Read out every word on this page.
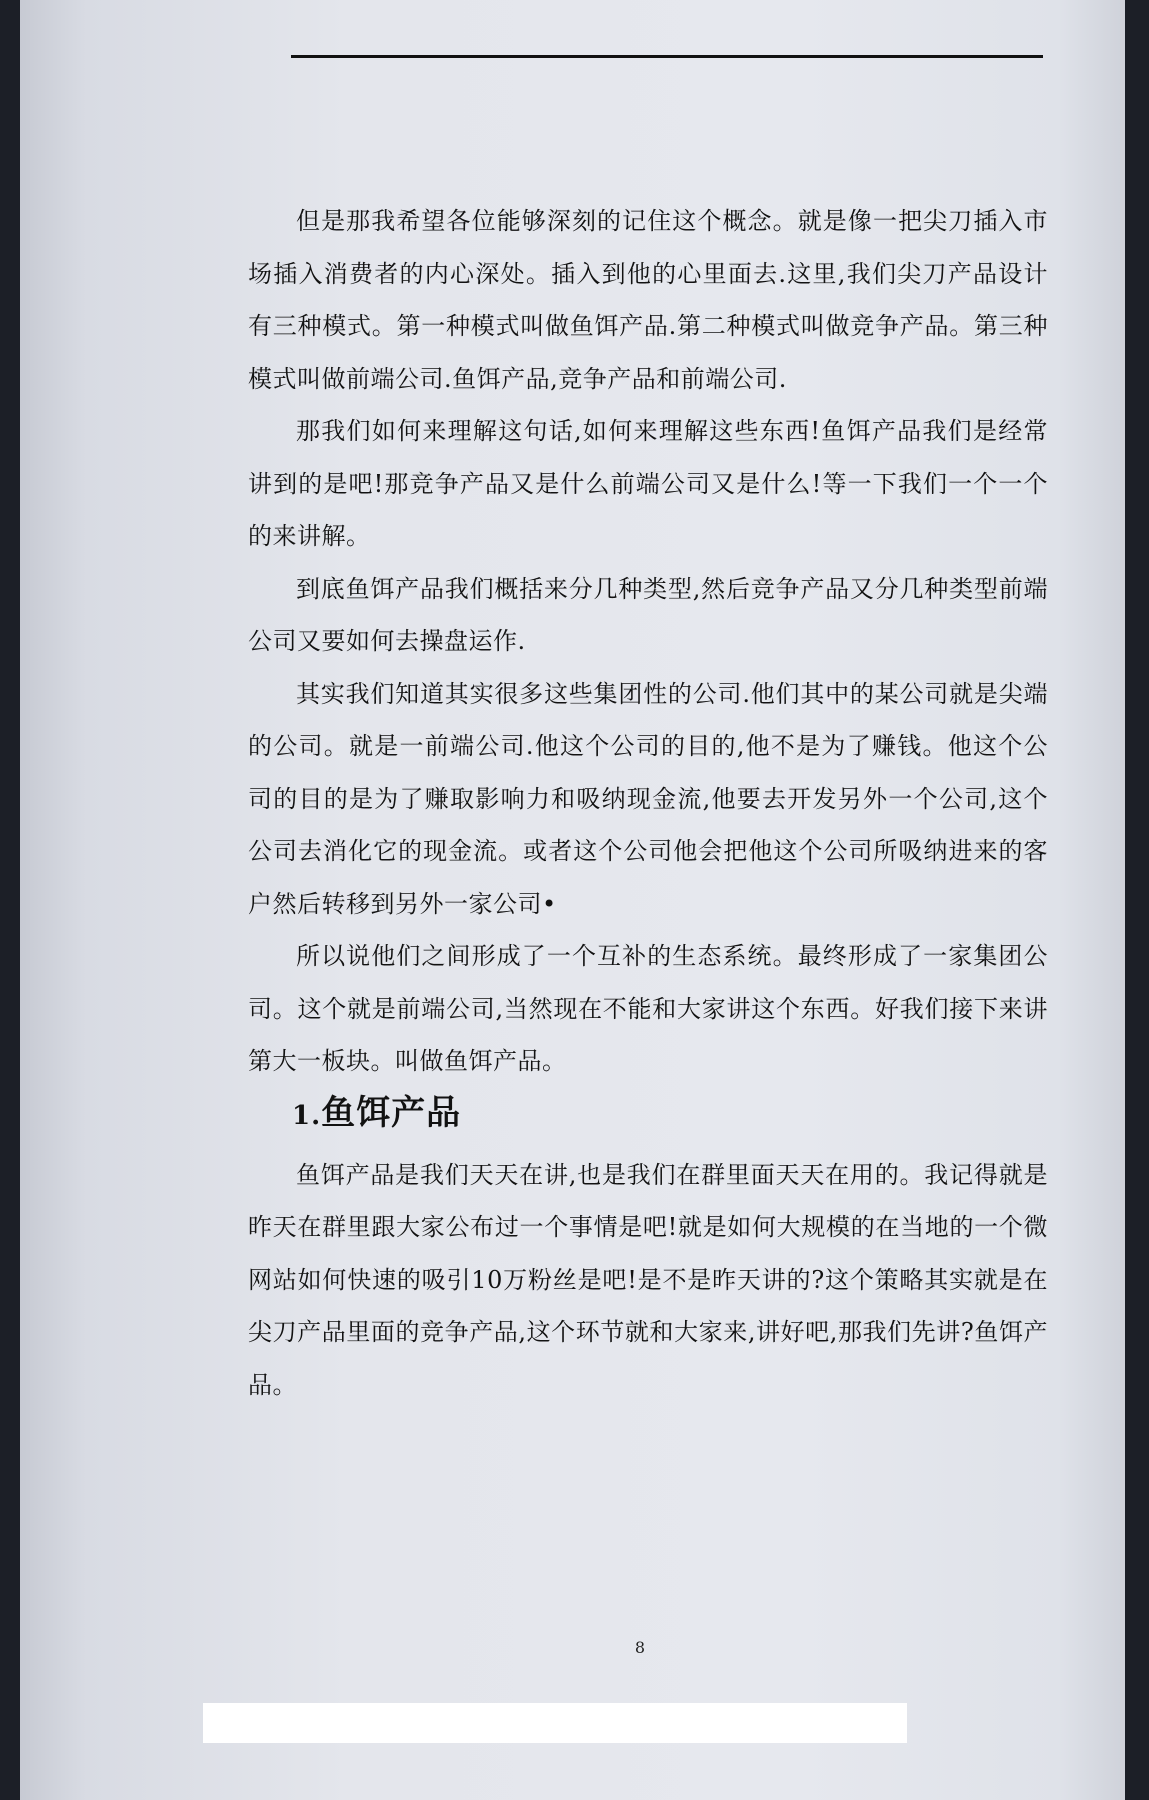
但是那我希望各位能够深刻的记住这个概念。就是像一把尖刀插入市场插入消费者的内心深处。插入到他的心里面去.这里,我们尖刀产品设计有三种模式。第一种模式叫做鱼饵产品.第二种模式叫做竞争产品。第三种模式叫做前端公司.鱼饵产品,竞争产品和前端公司.

那我们如何来理解这句话,如何来理解这些东西!鱼饵产品我们是经常讲到的是吧!那竞争产品又是什么前端公司又是什么!等一下我们一个一个的来讲解。

到底鱼饵产品我们概括来分几种类型,然后竞争产品又分几种类型前端公司又要如何去操盘运作.

其实我们知道其实很多这些集团性的公司.他们其中的某公司就是尖端的公司。就是一前端公司.他这个公司的目的,他不是为了赚钱。他这个公司的目的是为了赚取影响力和吸纳现金流,他要去开发另外一个公司,这个公司去消化它的现金流。或者这个公司他会把他这个公司所吸纳进来的客户然后转移到另外一家公司•

所以说他们之间形成了一个互补的生态系统。最终形成了一家集团公司。这个就是前端公司,当然现在不能和大家讲这个东西。好我们接下来讲第大一板块。叫做鱼饵产品。

1.鱼饵产品

鱼饵产品是我们天天在讲,也是我们在群里面天天在用的。我记得就是昨天在群里跟大家公布过一个事情是吧!就是如何大规模的在当地的一个微网站如何快速的吸引10万粉丝是吧!是不是昨天讲的?这个策略其实就是在尖刀产品里面的竞争产品,这个环节就和大家来,讲好吧,那我们先讲?鱼饵产品。

8
